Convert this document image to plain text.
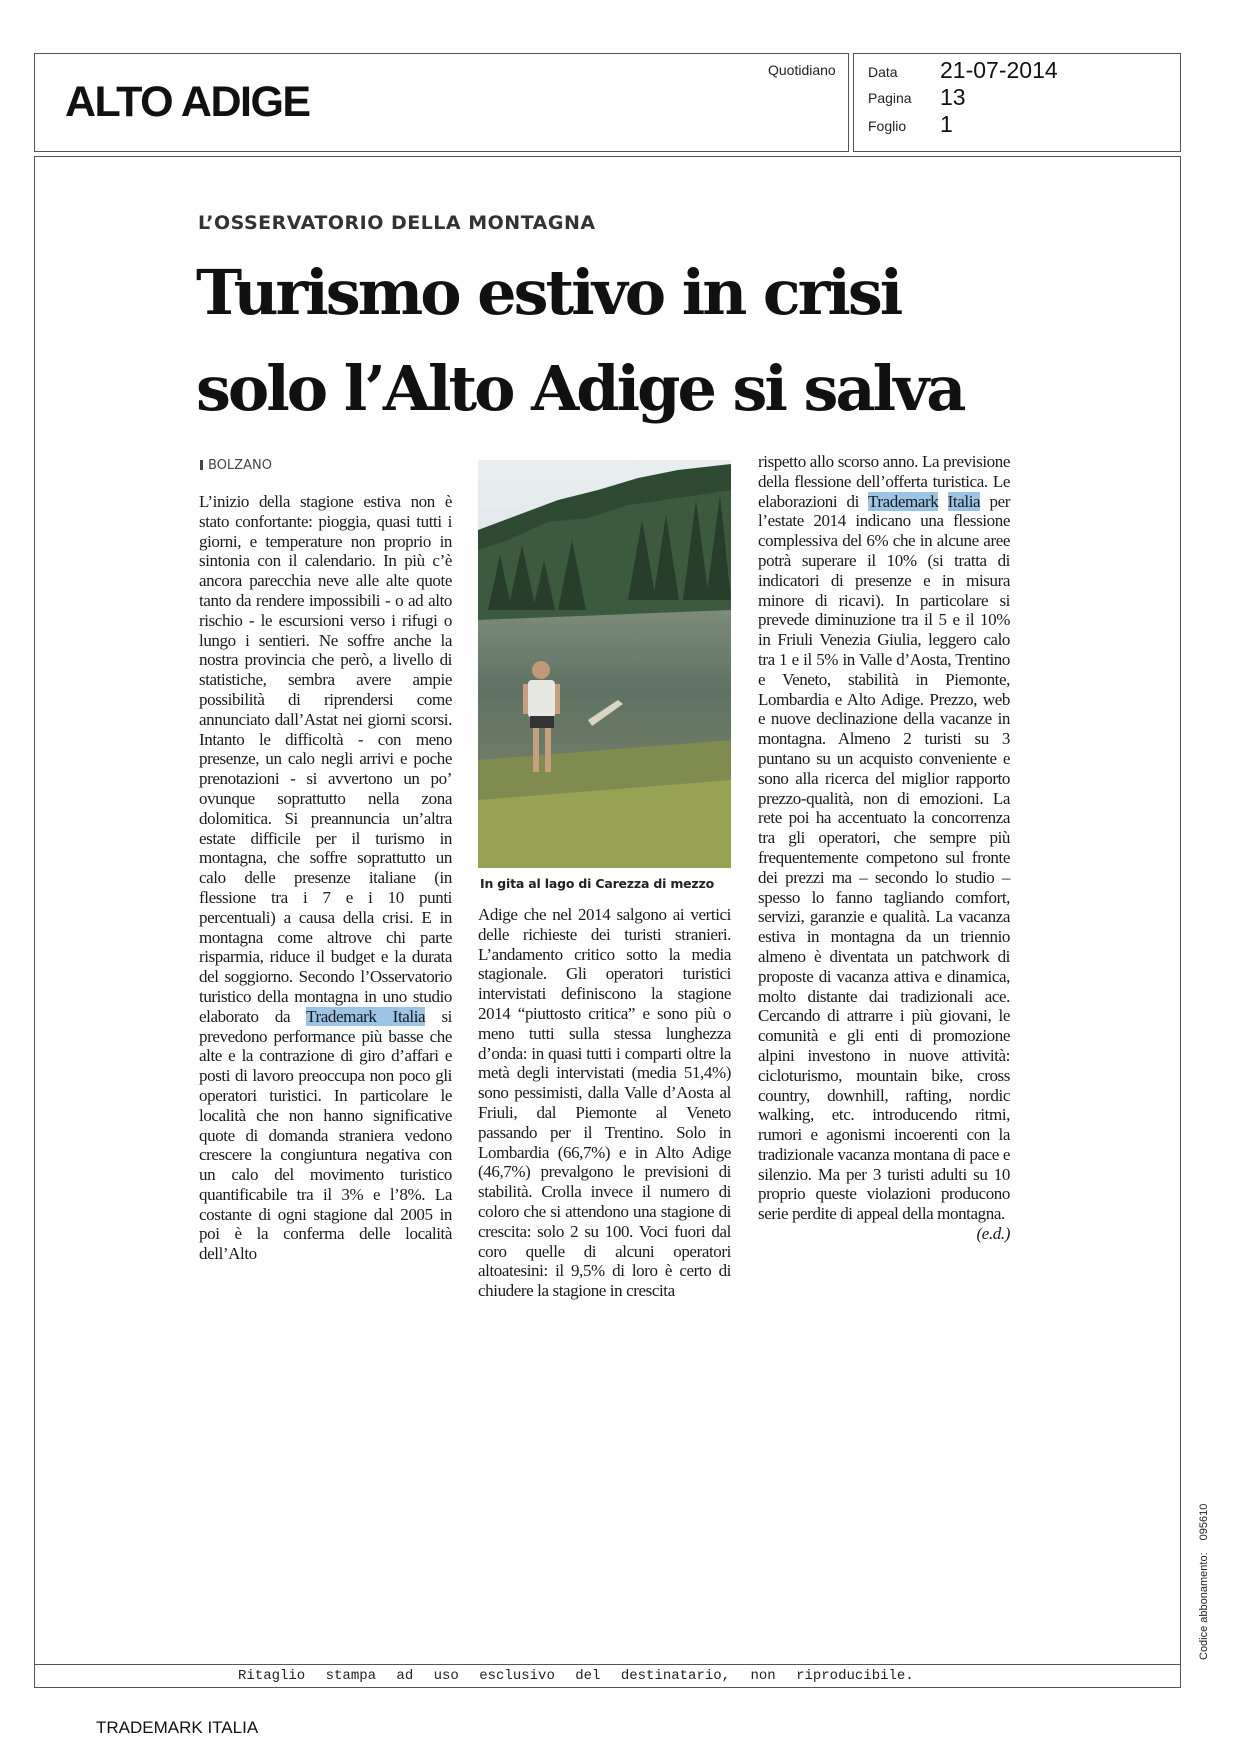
ALTO ADIGE
Quotidiano Data 21-07-2014
Pagina 13
Foglio 1
L’OSSERVATORIO DELLA MONTAGNA
Turismo estivo in crisi
solo l’Alto Adige si salva
BOLZANO

L’inizio della stagione estiva non è stato confortante: pioggia, quasi tutti i giorni, e temperature non proprio in sintonia con il calendario. In più c’è ancora parecchia neve alle alte quote tanto da rendere impossibili - o ad alto rischio - le escursioni verso i rifugi o lungo i sentieri. Ne soffre anche la nostra provincia che però, a livello di statistiche, sembra avere ampie possibilità di riprendersi come annunciato dall’Astat nei giorni scorsi. Intanto le difficoltà - con meno presenze, un calo negli arrivi e poche prenotazioni - si avvertono un po’ ovunque soprattutto nella zona dolomitica. Si preannuncia un’altra estate difficile per il turismo in montagna, che soffre soprattutto un calo delle presenze italiane (in flessione tra i 7 e i 10 punti percentuali) a causa della crisi. E in montagna come altrove chi parte risparmia, riduce il budget e la durata del soggiorno. Secondo l’Osservatorio turistico della montagna in uno studio elaborato da Trademark Italia si prevedono performance più basse che alte e la contrazione di giro d’affari e posti di lavoro preoccupa non poco gli operatori turistici. In particolare le località che non hanno significative quote di domanda straniera vedono crescere la congiuntura negativa con un calo del movimento turistico quantificabile tra il 3% e l’8%. La costante di ogni stagione dal 2005 in poi è la conferma delle località dell’Alto

In gita al lago di Carezza di mezzo

Adige che nel 2014 salgono ai vertici delle richieste dei turisti stranieri. L’andamento critico sotto la media stagionale. Gli operatori turistici intervistati definiscono la stagione 2014 “piuttosto critica” e sono più o meno tutti sulla stessa lunghezza d’onda: in quasi tutti i comparti oltre la metà degli intervistati (media 51,4%) sono pessimisti, dalla Valle d’Aosta al Friuli, dal Piemonte al Veneto passando per il Trentino. Solo in Lombardia (66,7%) e in Alto Adige (46,7%) prevalgono le previsioni di stabilità. Crolla invece il numero di coloro che si attendono una stagione di crescita: solo 2 su 100. Voci fuori dal coro quelle di alcuni operatori altoatesini: il 9,5% di loro è certo di chiudere la stagione in crescita

rispetto allo scorso anno. La previsione della flessione dell’offerta turistica. Le elaborazioni di Trademark Italia per l’estate 2014 indicano una flessione complessiva del 6% che in alcune aree potrà superare il 10% (si tratta di indicatori di presenze e in misura minore di ricavi). In particolare si prevede diminuzione tra il 5 e il 10% in Friuli Venezia Giulia, leggero calo tra 1 e il 5% in Valle d’Aosta, Trentino e Veneto, stabilità in Piemonte, Lombardia e Alto Adige. Prezzo, web e nuove declinazione della vacanze in montagna. Almeno 2 turisti su 3 puntano su un acquisto conveniente e sono alla ricerca del miglior rapporto prezzo-qualità, non di emozioni. La rete poi ha accentuato la concorrenza tra gli operatori, che sempre più frequentemente competono sul fronte dei prezzi ma – secondo lo studio – spesso lo fanno tagliando comfort, servizi, garanzie e qualità. La vacanza estiva in montagna da un triennio almeno è diventata un patchwork di proposte di vacanza attiva e dinamica, molto distante dai tradizionali ace. Cercando di attrarre i più giovani, le comunità e gli enti di promozione alpini investono in nuove attività: cicloturismo, mountain bike, cross country, downhill, rafting, nordic walking, etc. introducendo ritmi, rumori e agonismi incoerenti con la tradizionale vacanza montana di pace e silenzio. Ma per 3 turisti adulti su 10 proprio queste violazioni producono serie perdite di appeal della montagna.
(e.d.)

Ritaglio stampa ad uso esclusivo del destinatario, non riproducibile.
Codice abbonamento:095610
TRADEMARK ITALIA
